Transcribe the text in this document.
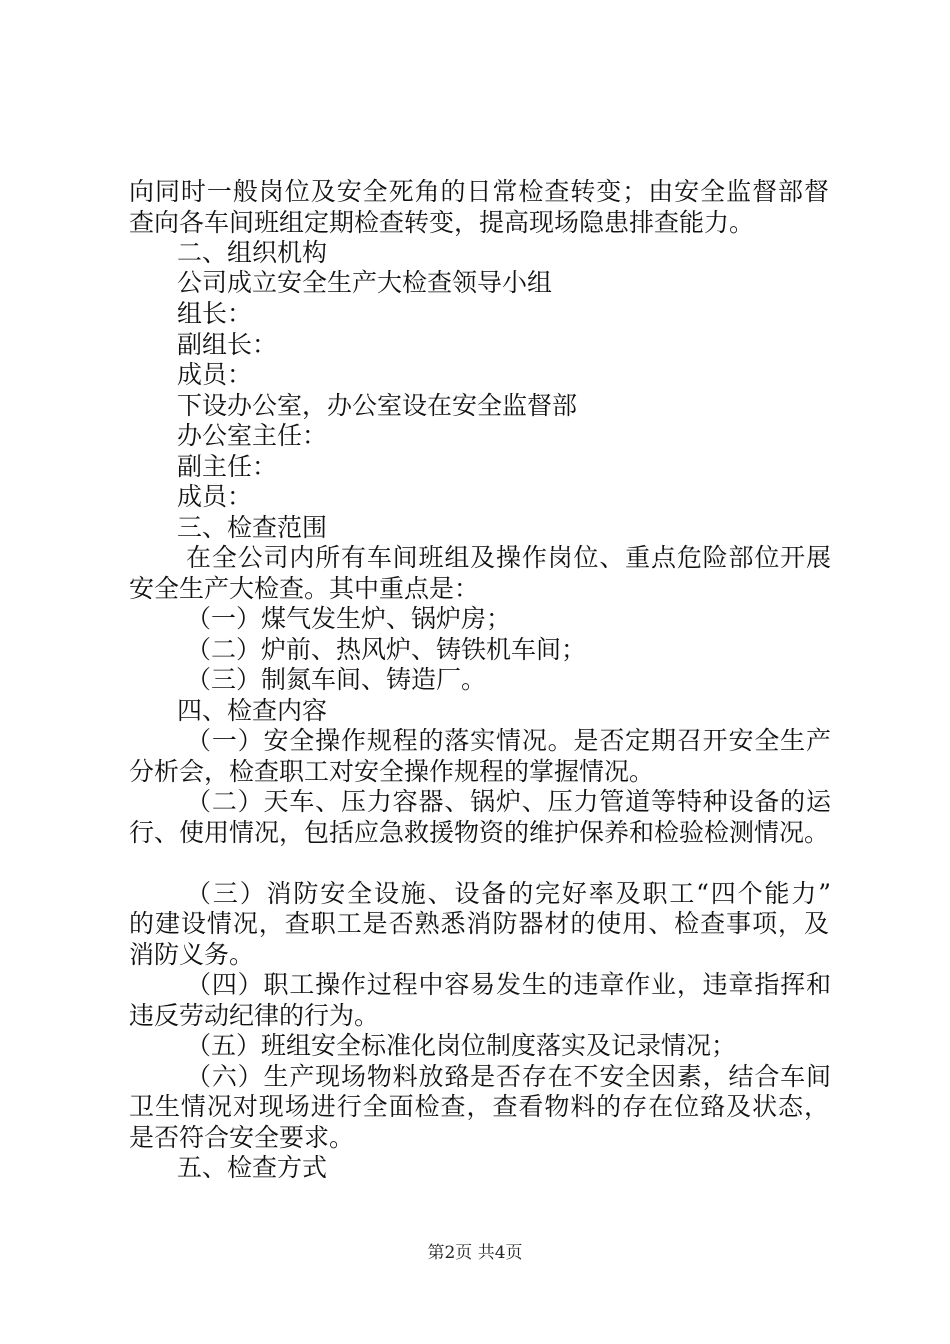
向同时一般岗位及安全死角的日常检查转变；由安全监督部督
查向各车间班组定期检查转变，提高现场隐患排查能力。
二、组织机构
公司成立安全生产大检查领导小组
组长：
副组长：
成员：
下设办公室，办公室设在安全监督部
办公室主任：
副主任：
成员：
三、检查范围
在全公司内所有车间班组及操作岗位、重点危险部位开展
安全生产大检查。其中重点是：
（一）煤气发生炉、锅炉房；
（二）炉前、热风炉、铸铁机车间；
（三）制氮车间、铸造厂。
四、检查内容
（一）安全操作规程的落实情况。是否定期召开安全生产
分析会，检查职工对安全操作规程的掌握情况。
（二）天车、压力容器、锅炉、压力管道等特种设备的运
行、使用情况，包括应急救援物资的维护保养和检验检测情况。
（三）消防安全设施、设备的完好率及职工“四个能力”
的建设情况，查职工是否熟悉消防器材的使用、检查事项，及
消防义务。
（四）职工操作过程中容易发生的违章作业，违章指挥和
违反劳动纪律的行为。
（五）班组安全标准化岗位制度落实及记录情况；
（六）生产现场物料放臵是否存在不安全因素，结合车间
卫生情况对现场进行全面检查，查看物料的存在位臵及状态，
是否符合安全要求。
五、检查方式
第2页 共4页
